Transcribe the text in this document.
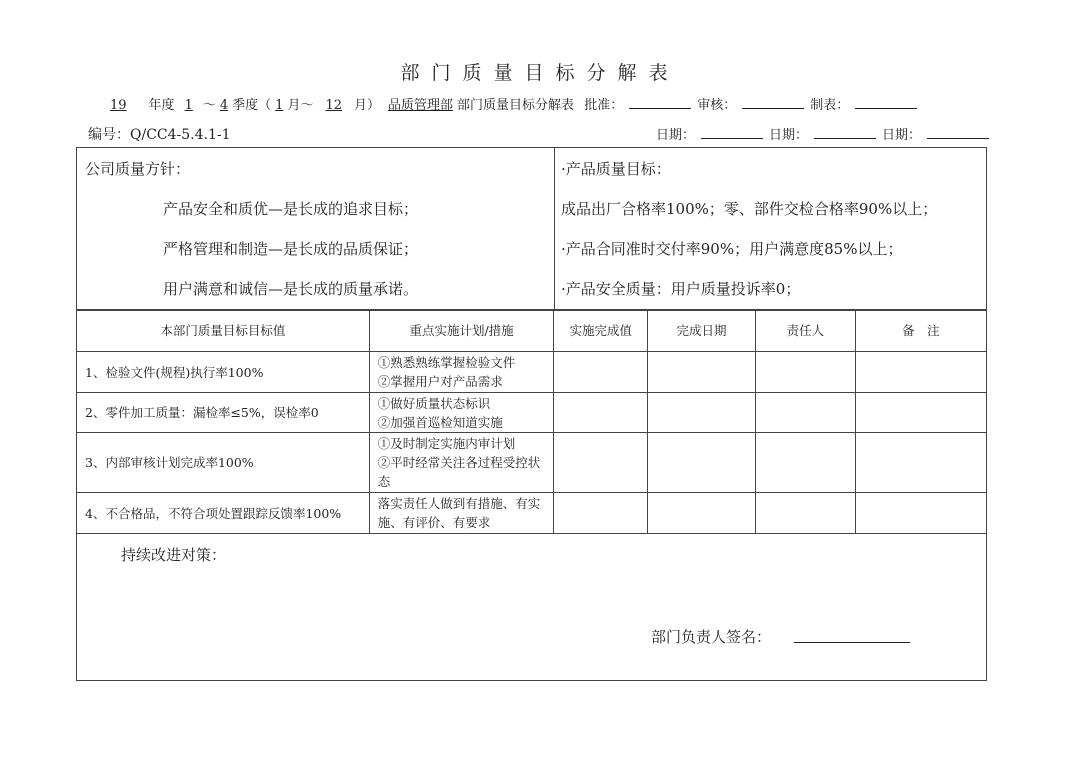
部门质量目标分解表
19 年度 1 ～ 4 季度（ 1 月～ 12 月） 品质管理部 部门质量目标分解表 批准：	审核：	制表：
编号：Q/CC4-5.4.1-1	日期：	日期：	日期：
公司质量方针：
产品安全和质优—是长成的追求目标；
严格管理和制造—是长成的品质保证；
用户满意和诚信—是长成的质量承诺。
·产品质量目标：
成品出厂合格率100%；零、部件交检合格率90%以上；
·产品合同准时交付率90%；用户满意度85%以上；
·产品安全质量：用户质量投诉率0；
本部门质量目标目标值	重点实施计划/措施	实施完成值	完成日期	责任人	备　注
1、检验文件(规程)执行率100%	①熟悉熟练掌握检验文件
②掌握用户对产品需求				

2、零件加工质量：漏检率≤5%，误检率0	①做好质量状态标识
②加强首巡检知道实施				

3、内部审核计划完成率100%	①及时制定实施内审计划
②平时经常关注各过程受控状态				

4、不合格品，不符合项处置跟踪反馈率100%	落实责任人做到有措施、有实施、有评价、有要求				
持续改进对策：
部门负责人签名：
